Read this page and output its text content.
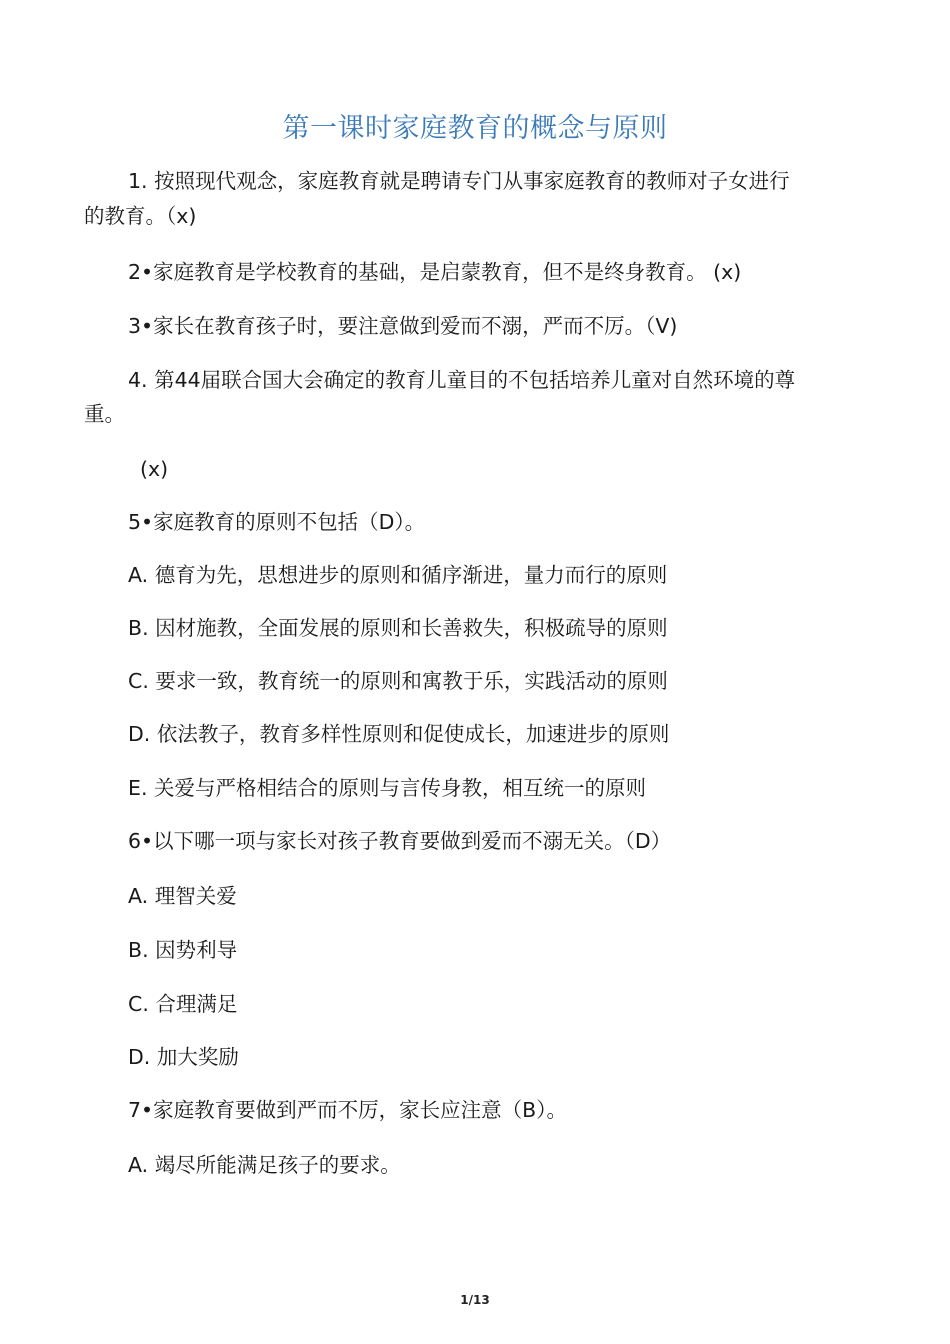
第一课时家庭教育的概念与原则
1. 按照现代观念，家庭教育就是聘请专门从事家庭教育的教师对子女进行
的教育。（x)
2•家庭教育是学校教育的基础，是启蒙教育，但不是终身教育。 (x)
3•家长在教育孩子时，要注意做到爱而不溺，严而不厉。（V)
4. 第44届联合国大会确定的教育儿童目的不包括培养儿童对自然环境的尊
重。
(x)
5•家庭教育的原则不包括（D）。
A. 德育为先，思想进步的原则和循序渐进，量力而行的原则
B. 因材施教，全面发展的原则和长善救失，积极疏导的原则
C. 要求一致，教育统一的原则和寓教于乐，实践活动的原则
D. 依法教子，教育多样性原则和促使成长，加速进步的原则
E. 关爱与严格相结合的原则与言传身教，相互统一的原则
6•以下哪一项与家长对孩子教育要做到爱而不溺无关。（D）
A. 理智关爱
B. 因势利导
C. 合理满足
D. 加大奖励
7•家庭教育要做到严而不厉，家长应注意（B）。
A. 竭尽所能满足孩子的要求。
1/13
